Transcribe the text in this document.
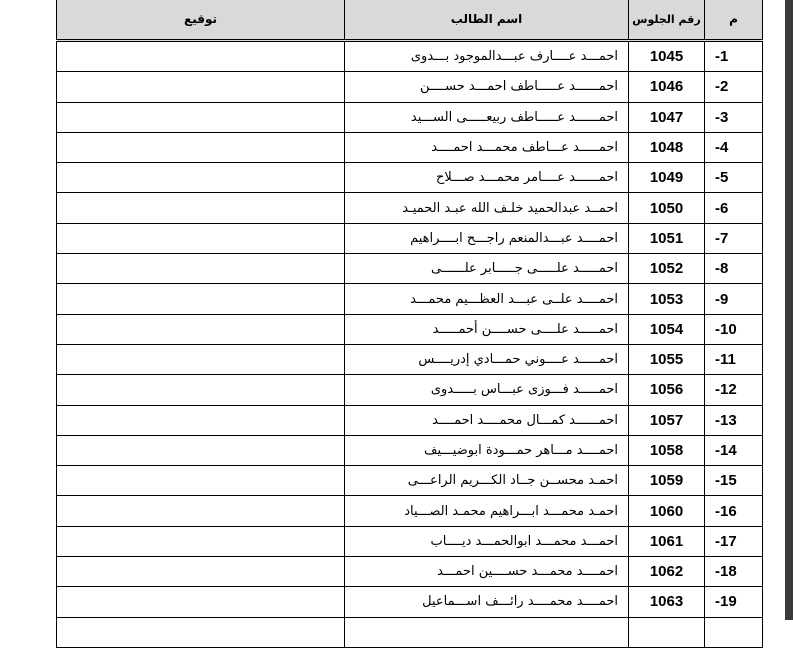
م	رقم الجلوس	اسم الطالب	توقيع
-1	1045	احمـــد عــــارف عبـــدالموجود بـــدوى	
-2	1046	احمــــــد عـــــاطف احمـــد حســــن	
-3	1047	احمــــــد عـــــاطف ربيعـــــى الســـيد	
-4	1048	احمـــــد عـــاطف محمـــد احمــــد	
-5	1049	احمــــــد عــــامر محمـــد صـــلاح	
-6	1050	احمــد عبدالحميد خلـف الله عبـد الحميـد	
-7	1051	احمــــد عبـــدالمنعم راجـــح ابــــراهيم	
-8	1052	احمـــــد علـــــى جـــــابر علــــــى	
-9	1053	احمــــد علــى عبـــد العظـــيم محمـــد	
-10	1054	احمـــــد علــــى حســــن أحمـــــد	
-11	1055	احمـــــد عــــوني حمـــادي إدريــــس	
-12	1056	احمـــــد فـــوزى عبـــاس بـــــدوى	
-13	1057	احمــــــد كمـــال محمــــد احمــــد	
-14	1058	احمــــد مـــاهر حمـــودة ابوضيـــيف	
-15	1059	احمـد محســن جــاد الكـــريم الراعـــى	
-16	1060	احمـد محمـــد ابـــراهيم محمـد الصـــياد	
-17	1061	احمـــد محمـــد ابوالحمـــد ديــــاب	
-18	1062	احمــــد محمـــد حســــين احمـــد	
-19	1063	احمــــد محمــــد رائـــف اســـماعيل	
